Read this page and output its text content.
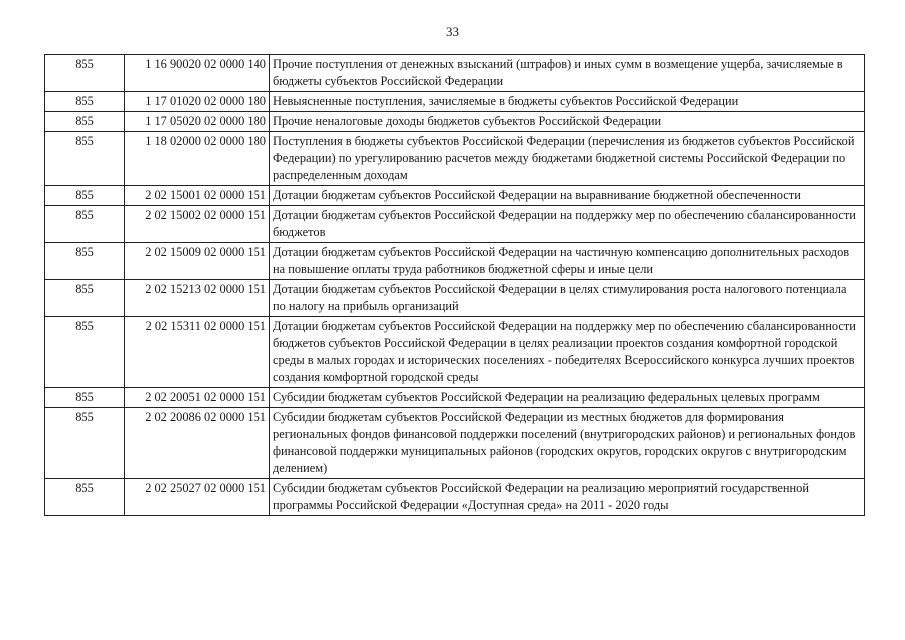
33
855	1 16 90020 02 0000 140	Прочие поступления от денежных взысканий (штрафов) и иных сумм в возмещение ущерба, зачисляемые в бюджеты субъектов Российской Федерации
855	1 17 01020 02 0000 180	Невыясненные поступления, зачисляемые в бюджеты субъектов Российской Федерации
855	1 17 05020 02 0000 180	Прочие неналоговые доходы бюджетов субъектов Российской Федерации
855	1 18 02000 02 0000 180	Поступления в бюджеты субъектов Российской Федерации (перечисления из бюджетов субъектов Российской Федерации) по урегулированию расчетов между бюджетами бюджетной системы Российской Федерации по распределенным доходам
855	2 02 15001 02 0000 151	Дотации бюджетам субъектов Российской Федерации на выравнивание бюджетной обеспеченности
855	2 02 15002 02 0000 151	Дотации бюджетам субъектов Российской Федерации на поддержку мер по обеспечению сбалансированности бюджетов
855	2 02 15009 02 0000 151	Дотации бюджетам субъектов Российской Федерации на частичную компенсацию дополнительных расходов на повышение оплаты труда работников бюджетной сферы и иные цели
855	2 02 15213 02 0000 151	Дотации бюджетам субъектов Российской Федерации в целях стимулирования роста налогового потенциала по налогу на прибыль организаций
855	2 02 15311 02 0000 151	Дотации бюджетам субъектов Российской Федерации на поддержку мер по обеспечению сбалансированности бюджетов субъектов Российской Федерации в целях реализации проектов создания комфортной городской среды в малых городах и исторических поселениях - победителях Всероссийского конкурса лучших проектов создания комфортной городской среды
855	2 02 20051 02 0000 151	Субсидии бюджетам субъектов Российской Федерации на реализацию федеральных целевых программ
855	2 02 20086 02 0000 151	Субсидии бюджетам субъектов Российской Федерации из местных бюджетов для формирования региональных фондов финансовой поддержки поселений (внутригородских районов) и региональных фондов финансовой поддержки муниципальных районов (городских округов, городских округов с внутригородским делением)
855	2 02 25027 02 0000 151	Субсидии бюджетам субъектов Российской Федерации на реализацию мероприятий государственной программы Российской Федерации «Доступная среда» на 2011 - 2020 годы
